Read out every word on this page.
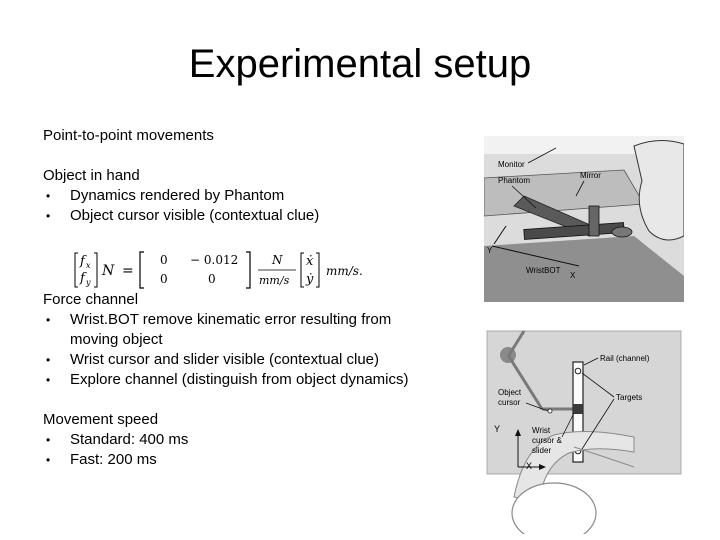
Experimental setup
Point-to-point movements
Object in hand
• Dynamics rendered by Phantom
• Object cursor visible (contextual clue)
Force channel
• Wrist.BOT remove kinematic error resulting from
moving object
• Wrist cursor and slider visible (contextual clue)
• Explore channel (distinguish from object dynamics)
Movement speed
• Standard: 400 ms
• Fast: 200 ms
f x
f y
N =
0 − 0.012
0	0
N
mm/s
ẋ
ẏ
mm/s.
Monitor
Mirror
Phantom
Y
X
WristBOT
Rail (channel)
Targets
Object
cursor
Wrist
cursor &
slider
Y
X
